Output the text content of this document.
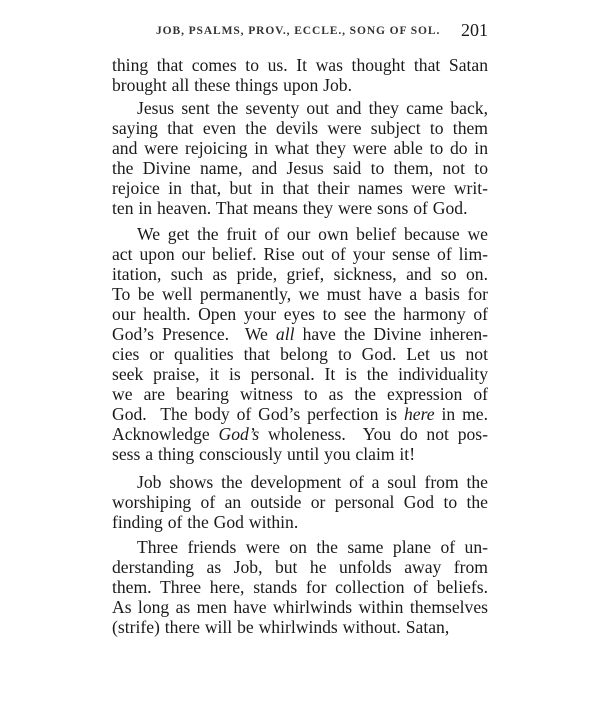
JOB, PSALMS, PROV., ECCLE., SONG OF SOL. 201
thing that comes to us. It was thought that Satan
brought all these things upon Job.
Jesus sent the seventy out and they came back,
saying that even the devils were subject to them
and were rejoicing in what they were able to do in
the Divine name, and Jesus said to them, not to
rejoice in that, but in that their names were writ-
ten in heaven. That means they were sons of God.
We get the fruit of our own belief because we
act upon our belief. Rise out of your sense of lim-
itation, such as pride, grief, sickness, and so on.
To be well permanently, we must have a basis for
our health. Open your eyes to see the harmony of
God’s Presence.  We all have the Divine inheren-
cies or qualities that belong to God. Let us not
seek praise, it is personal. It is the individuality
we are bearing witness to as the expression of
God.  The body of God’s perfection is here in me.
Acknowledge God’s wholeness.  You do not pos-
sess a thing consciously until you claim it!
Job shows the development of a soul from the
worshiping of an outside or personal God to the
finding of the God within.
Three friends were on the same plane of un-
derstanding as Job, but he unfolds away from
them. Three here, stands for collection of beliefs.
As long as men have whirlwinds within themselves
(strife) there will be whirlwinds without. Satan,
